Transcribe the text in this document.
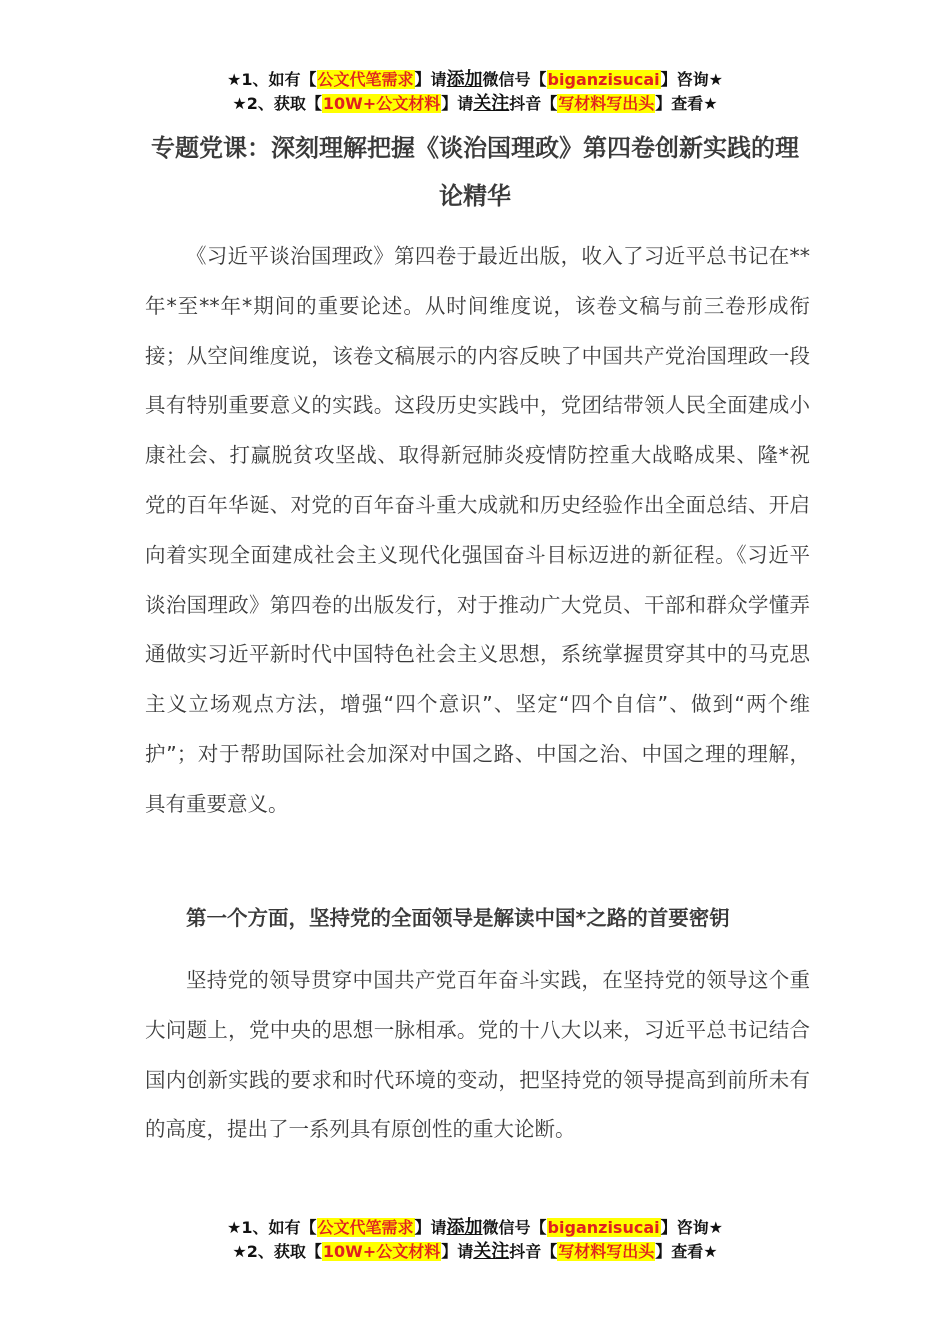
★1、如有【公文代笔需求】请添加微信号【biganzisucai】咨询★
★2、获取【10W+公文材料】请关注抖音【写材料写出头】查看★
专题党课：深刻理解把握《谈治国理政》第四卷创新实践的理论精华

《习近平谈治国理政》第四卷于最近出版，收入了习近平总书记在**年*至**年*期间的重要论述。从时间维度说，该卷文稿与前三卷形成衔接；从空间维度说，该卷文稿展示的内容反映了中国共产党治国理政一段具有特别重要意义的实践。这段历史实践中，党团结带领人民全面建成小康社会、打赢脱贫攻坚战、取得新冠肺炎疫情防控重大战略成果、隆*祝党的百年华诞、对党的百年奋斗重大成就和历史经验作出全面总结、开启向着实现全面建成社会主义现代化强国奋斗目标迈进的新征程。《习近平谈治国理政》第四卷的出版发行，对于推动广大党员、干部和群众学懂弄通做实习近平新时代中国特色社会主义思想，系统掌握贯穿其中的马克思主义立场观点方法，增强“四个意识”、坚定“四个自信”、做到“两个维护”；对于帮助国际社会加深对中国之路、中国之治、中国之理的理解，具有重要意义。

第一个方面，坚持党的全面领导是解读中国*之路的首要密钥

坚持党的领导贯穿中国共产党百年奋斗实践，在坚持党的领导这个重大问题上，党中央的思想一脉相承。党的十八大以来，习近平总书记结合国内创新实践的要求和时代环境的变动，把坚持党的领导提高到前所未有的高度，提出了一系列具有原创性的重大论断。

★1、如有【公文代笔需求】请添加微信号【biganzisucai】咨询★
★2、获取【10W+公文材料】请关注抖音【写材料写出头】查看★
